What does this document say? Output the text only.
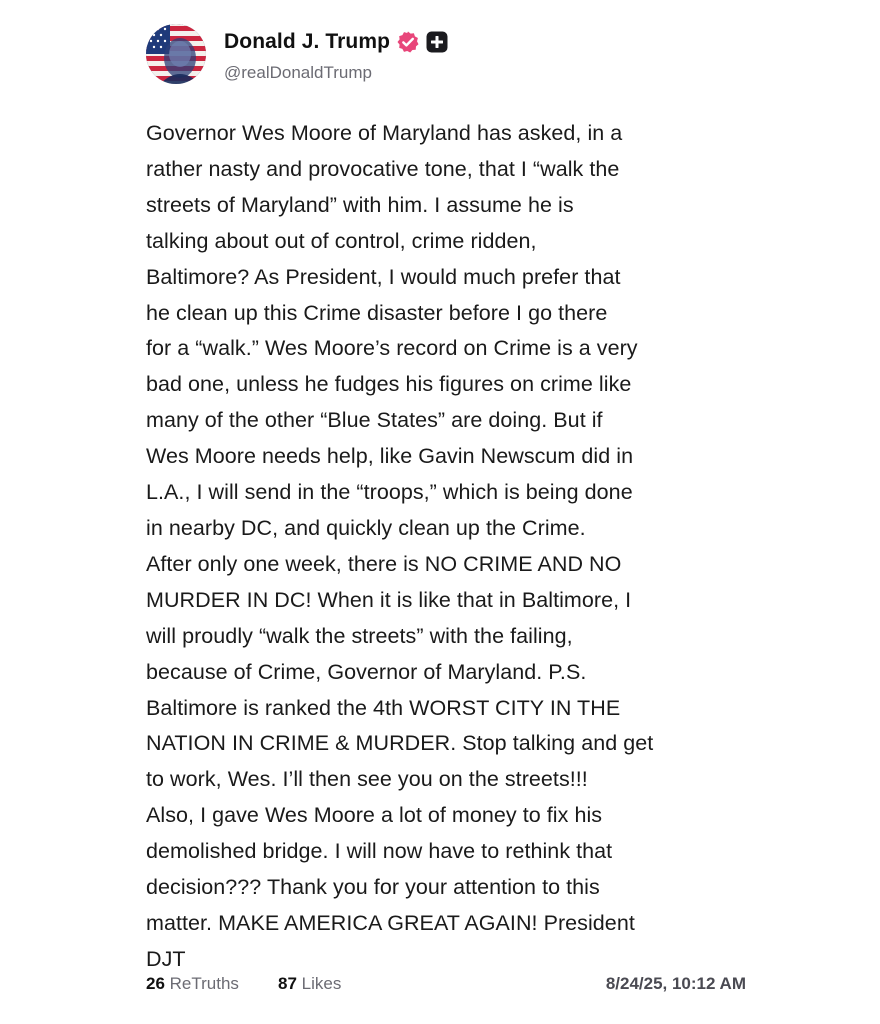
Donald J. Trump
@realDonaldTrump
Governor Wes Moore of Maryland has asked, in a
rather nasty and provocative tone, that I “walk the
streets of Maryland” with him. I assume he is
talking about out of control, crime ridden,
Baltimore? As President, I would much prefer that
he clean up this Crime disaster before I go there
for a “walk.” Wes Moore’s record on Crime is a very
bad one, unless he fudges his figures on crime like
many of the other “Blue States” are doing. But if
Wes Moore needs help, like Gavin Newscum did in
L.A., I will send in the “troops,” which is being done
in nearby DC, and quickly clean up the Crime.
After only one week, there is NO CRIME AND NO
MURDER IN DC! When it is like that in Baltimore, I
will proudly “walk the streets” with the failing,
because of Crime, Governor of Maryland. P.S.
Baltimore is ranked the 4th WORST CITY IN THE
NATION IN CRIME & MURDER. Stop talking and get
to work, Wes. I’ll then see you on the streets!!!
Also, I gave Wes Moore a lot of money to fix his
demolished bridge. I will now have to rethink that
decision??? Thank you for your attention to this
matter. MAKE AMERICA GREAT AGAIN! President
DJT
26 ReTruths 87 Likes	8/24/25, 10:12 AM
